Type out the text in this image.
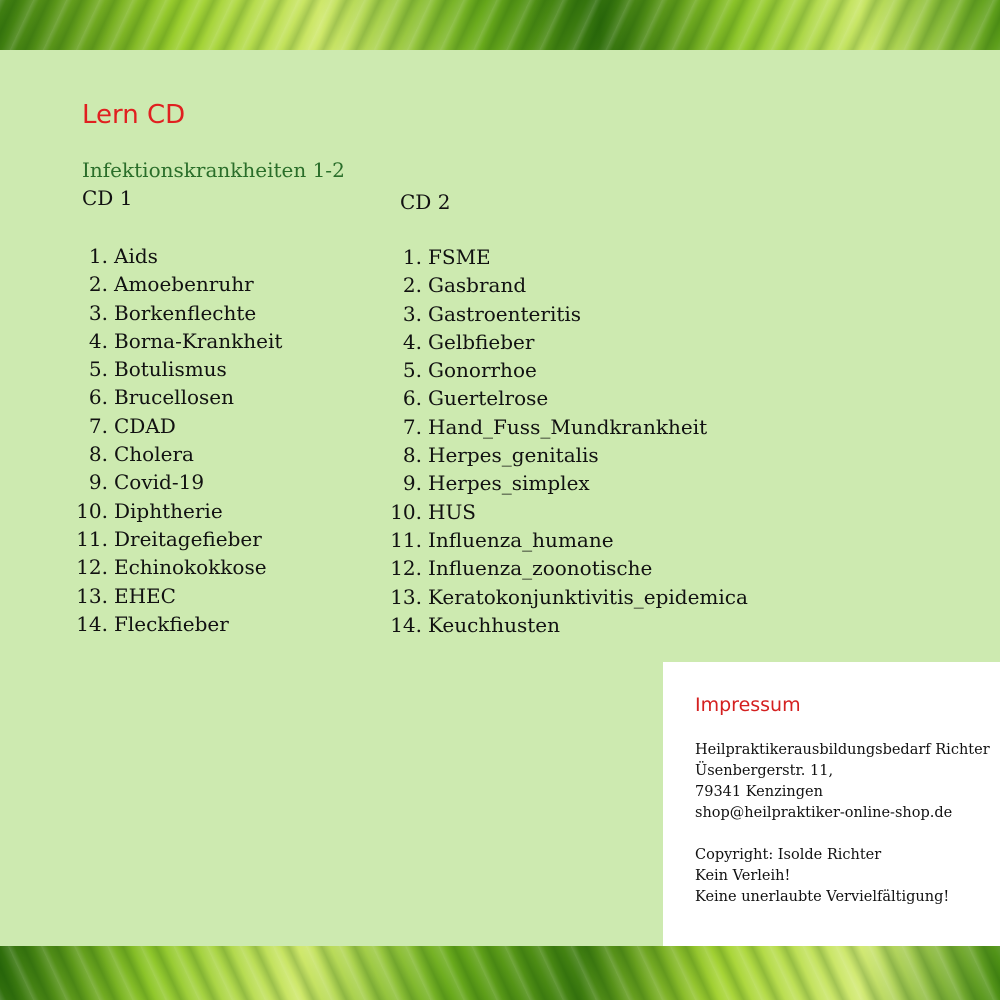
Lern CD
Infektionskrankheiten 1-2
CD 1
1. Aids
2. Amoebenruhr
3. Borkenflechte
4. Borna-Krankheit
5. Botulismus
6. Brucellosen
7. CDAD
8. Cholera
9. Covid-19
10. Diphtherie
11. Dreitagefieber
12. Echinokokkose
13. EHEC
14. Fleckfieber
CD 2
1. FSME
2. Gasbrand
3. Gastroenteritis
4. Gelbfieber
5. Gonorrhoe
6. Guertelrose
7. Hand_Fuss_Mundkrankheit
8. Herpes_genitalis
9. Herpes_simplex
10. HUS
11. Influenza_humane
12. Influenza_zoonotische
13. Keratokonjunktivitis_epidemica
14. Keuchhusten
Impressum
Heilpraktikerausbildungsbedarf Richter
Üsenbergerstr. 11,
79341 Kenzingen
shop@heilpraktiker-online-shop.de
Copyright: Isolde Richter
Kein Verleih!
Keine unerlaubte Vervielfältigung!
